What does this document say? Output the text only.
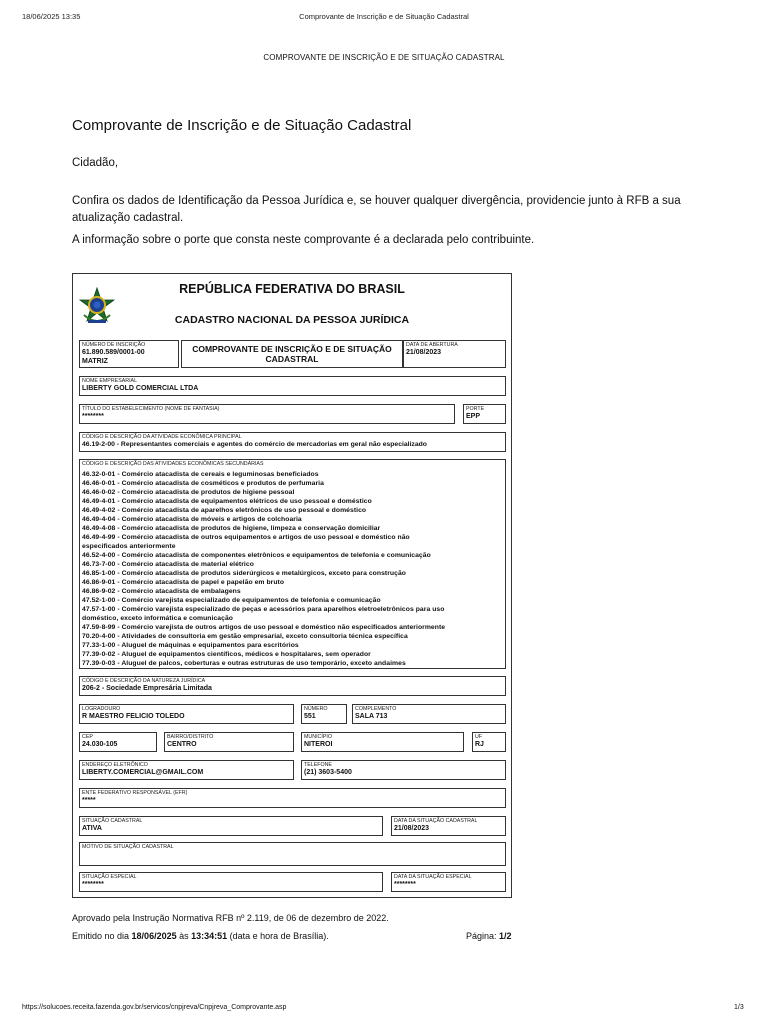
18/06/2025 13:35	Comprovante de Inscrição e de Situação Cadastral
COMPROVANTE DE INSCRIÇÃO E DE SITUAÇÃO CADASTRAL
Comprovante de Inscrição e de Situação Cadastral
Cidadão,
Confira os dados de Identificação da Pessoa Jurídica e, se houver qualquer divergência, providencie junto à RFB a sua
atualização cadastral.
A informação sobre o porte que consta neste comprovante é a declarada pelo contribuinte.
REPÚBLICA FEDERATIVA DO BRASIL
CADASTRO NACIONAL DA PESSOA JURÍDICA
NÚMERO DE INSCRIÇÃO
61.890.589/0001-00
MATRIZ
COMPROVANTE DE INSCRIÇÃO E DE SITUAÇÃO
CADASTRAL
DATA DE ABERTURA
21/08/2023
NOME EMPRESARIAL
LIBERTY GOLD COMERCIAL LTDA
TÍTULO DO ESTABELECIMENTO (NOME DE FANTASIA)
********
PORTE
EPP
CÓDIGO E DESCRIÇÃO DA ATIVIDADE ECONÔMICA PRINCIPAL
46.19-2-00 - Representantes comerciais e agentes do comércio de mercadorias em geral não especializado
CÓDIGO E DESCRIÇÃO DAS ATIVIDADES ECONÔMICAS SECUNDÁRIAS
46.32-0-01 - Comércio atacadista de cereais e leguminosas beneficiados
46.46-0-01 - Comércio atacadista de cosméticos e produtos de perfumaria
46.46-0-02 - Comércio atacadista de produtos de higiene pessoal
46.49-4-01 - Comércio atacadista de equipamentos elétricos de uso pessoal e doméstico
46.49-4-02 - Comércio atacadista de aparelhos eletrônicos de uso pessoal e doméstico
46.49-4-04 - Comércio atacadista de móveis e artigos de colchoaria
46.49-4-08 - Comércio atacadista de produtos de higiene, limpeza e conservação domiciliar
46.49-4-99 - Comércio atacadista de outros equipamentos e artigos de uso pessoal e doméstico não
especificados anteriormente
46.52-4-00 - Comércio atacadista de componentes eletrônicos e equipamentos de telefonia e comunicação
46.73-7-00 - Comércio atacadista de material elétrico
46.85-1-00 - Comércio atacadista de produtos siderúrgicos e metalúrgicos, exceto para construção
46.86-9-01 - Comércio atacadista de papel e papelão em bruto
46.86-9-02 - Comércio atacadista de embalagens
47.52-1-00 - Comércio varejista especializado de equipamentos de telefonia e comunicação
47.57-1-00 - Comércio varejista especializado de peças e acessórios para aparelhos eletroeletrônicos para uso
doméstico, exceto informática e comunicação
47.59-8-99 - Comércio varejista de outros artigos de uso pessoal e doméstico não especificados anteriormente
70.20-4-00 - Atividades de consultoria em gestão empresarial, exceto consultoria técnica específica
77.33-1-00 - Aluguel de máquinas e equipamentos para escritórios
77.39-0-02 - Aluguel de equipamentos científicos, médicos e hospitalares, sem operador
77.39-0-03 - Aluguel de palcos, coberturas e outras estruturas de uso temporário, exceto andaimes
CÓDIGO E DESCRIÇÃO DA NATUREZA JURÍDICA
206-2 - Sociedade Empresária Limitada
LOGRADOURO
R MAESTRO FELICIO TOLEDO
NÚMERO
551
COMPLEMENTO
SALA 713
CEP
24.030-105
BAIRRO/DISTRITO
CENTRO
MUNICÍPIO
NITEROI
UF
RJ
ENDEREÇO ELETRÔNICO
LIBERTY.COMERCIAL@GMAIL.COM
TELEFONE
(21) 3603-5400
ENTE FEDERATIVO RESPONSÁVEL (EFR)
*****
SITUAÇÃO CADASTRAL
ATIVA
DATA DA SITUAÇÃO CADASTRAL
21/08/2023
MOTIVO DE SITUAÇÃO CADASTRAL
SITUAÇÃO ESPECIAL
********
DATA DA SITUAÇÃO ESPECIAL
********
Aprovado pela Instrução Normativa RFB nº 2.119, de 06 de dezembro de 2022.
Emitido no dia 18/06/2025 às 13:34:51 (data e hora de Brasília).	Página: 1/2
https://solucoes.receita.fazenda.gov.br/servicos/cnpjreva/Cnpjreva_Comprovante.asp	1/3
